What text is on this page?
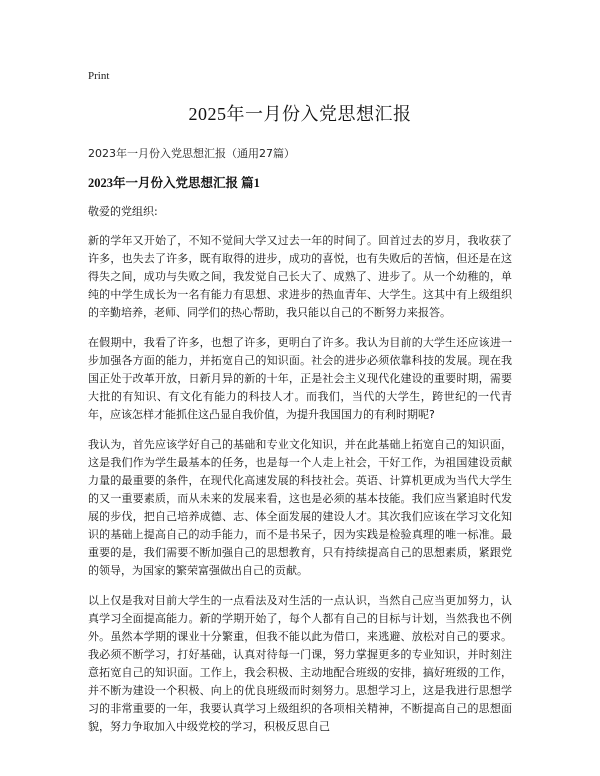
Print
2025年一月份入党思想汇报
2023年一月份入党思想汇报（通用27篇）
2023年一月份入党思想汇报 篇1
敬爱的党组织:

新的学年又开始了，不知不觉间大学又过去一年的时间了。回首过去的岁月，我收获了许多，也失去了许多，既有取得的进步，成功的喜悦，也有失败后的苦恼，但还是在这得失之间，成功与失败之间，我发觉自己长大了、成熟了、进步了。从一个幼稚的，单纯的中学生成长为一名有能力有思想、求进步的热血青年、大学生。这其中有上级组织的辛勤培养，老师、同学们的热心帮助，我只能以自己的不断努力来报答。

在假期中，我看了许多，也想了许多，更明白了许多。我认为目前的大学生还应该进一步加强各方面的能力，并拓宽自己的知识面。社会的进步必须依靠科技的发展。现在我国正处于改革开放，日新月异的新的十年，正是社会主义现代化建设的重要时期，需要大批的有知识、有文化有能力的科技人才。而我们，当代的大学生，跨世纪的一代青年，应该怎样才能抓住这凸显自我价值，为提升我国国力的有利时期呢?

我认为，首先应该学好自己的基础和专业文化知识，并在此基础上拓宽自己的知识面，这是我们作为学生最基本的任务，也是每一个人走上社会，干好工作，为祖国建设贡献力量的最重要的条件，在现代化高速发展的科技社会。英语、计算机更成为当代大学生的又一重要素质，而从未来的发展来看，这也是必须的基本技能。我们应当紧追时代发展的步伐，把自己培养成德、志、体全面发展的建设人才。其次我们应该在学习文化知识的基础上提高自己的动手能力，而不是书呆子，因为实践是检验真理的唯一标准。最重要的是，我们需要不断加强自己的思想教育，只有持续提高自己的思想素质，紧跟党的领导，为国家的繁荣富强做出自己的贡献。

以上仅是我对目前大学生的一点看法及对生活的一点认识，当然自己应当更加努力，认真学习全面提高能力。新的学期开始了，每个人都有自己的目标与计划，当然我也不例外。虽然本学期的课业十分繁重，但我不能以此为借口，来逃避、放松对自己的要求。我必须不断学习，打好基础，认真对待每一门课，努力掌握更多的专业知识，并时刻注意拓宽自己的知识面。工作上，我会积极、主动地配合班级的安排，搞好班级的工作，并不断为建设一个积极、向上的优良班级而时刻努力。思想学习上，这是我进行思想学习的非常重要的一年，我要认真学习上级组织的各项相关精神，不断提高自己的思想面貌，努力争取加入中级党校的学习，积极反思自己
